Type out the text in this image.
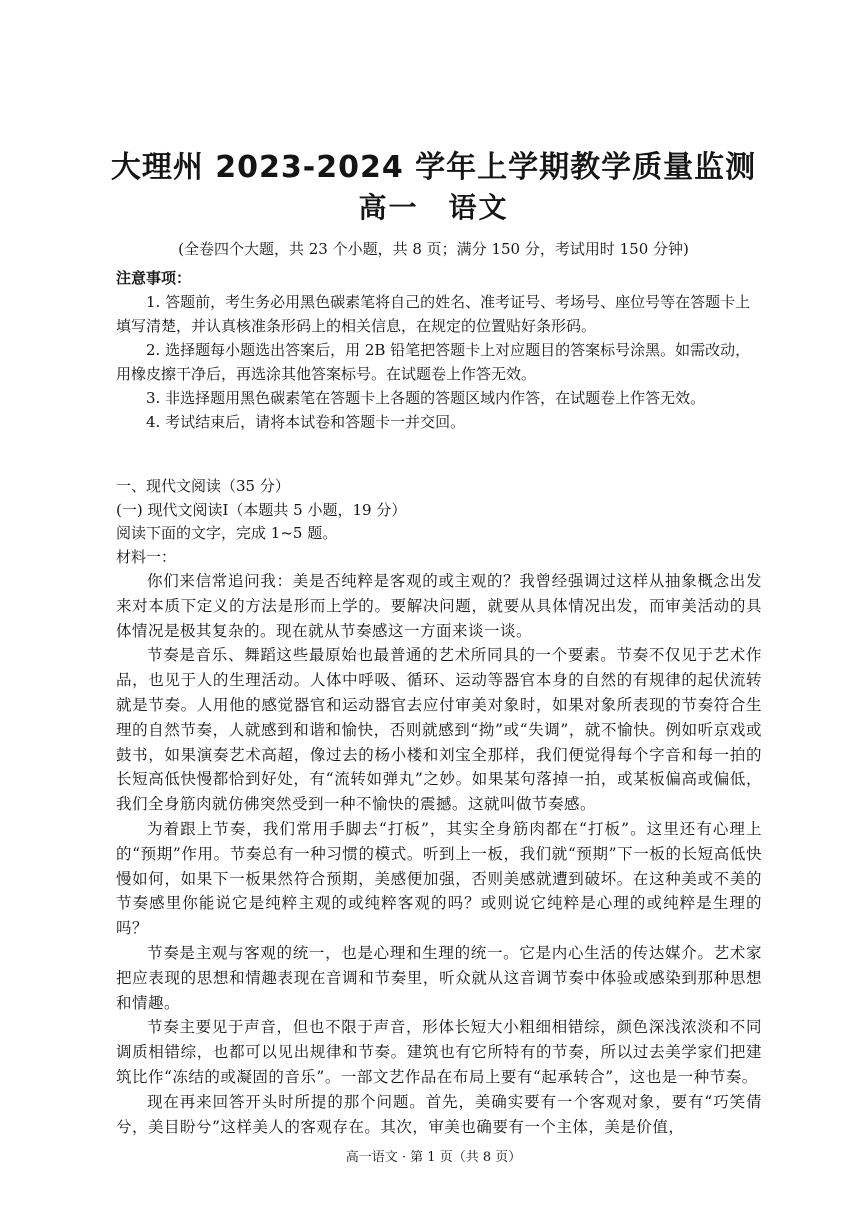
大理州 2023-2024 学年上学期教学质量监测
高一　语文
(全卷四个大题，共 23 个小题，共 8 页；满分 150 分，考试用时 150 分钟)

注意事项：

1. 答题前，考生务必用黑色碳素笔将自己的姓名、准考证号、考场号、座位号等在答题卡上填写清楚，并认真核准条形码上的相关信息，在规定的位置贴好条形码。

2. 选择题每小题选出答案后，用 2B 铅笔把答题卡上对应题目的答案标号涂黑。如需改动，用橡皮擦干净后，再选涂其他答案标号。在试题卷上作答无效。

3. 非选择题用黑色碳素笔在答题卡上各题的答题区域内作答，在试题卷上作答无效。

4. 考试结束后，请将本试卷和答题卡一并交回。

一、现代文阅读（35 分）

(一) 现代文阅读Ⅰ（本题共 5 小题，19 分）

阅读下面的文字，完成 1~5 题。

材料一：

你们来信常追问我：美是否纯粹是客观的或主观的？我曾经强调过这样从抽象概念出发来对本质下定义的方法是形而上学的。要解决问题，就要从具体情况出发，而审美活动的具体情况是极其复杂的。现在就从节奏感这一方面来谈一谈。

节奏是音乐、舞蹈这些最原始也最普通的艺术所同具的一个要素。节奏不仅见于艺术作品，也见于人的生理活动。人体中呼吸、循环、运动等器官本身的自然的有规律的起伏流转就是节奏。人用他的感觉器官和运动器官去应付审美对象时，如果对象所表现的节奏符合生理的自然节奏，人就感到和谐和愉快，否则就感到“拗”或“失调”，就不愉快。例如听京戏或鼓书，如果演奏艺术高超，像过去的杨小楼和刘宝全那样，我们便觉得每个字音和每一拍的长短高低快慢都恰到好处，有“流转如弹丸”之妙。如果某句落掉一拍，或某板偏高或偏低，我们全身筋肉就仿佛突然受到一种不愉快的震撼。这就叫做节奏感。

为着跟上节奏，我们常用手脚去“打板”，其实全身筋肉都在“打板”。这里还有心理上的“预期”作用。节奏总有一种习惯的模式。听到上一板，我们就“预期”下一板的长短高低快慢如何，如果下一板果然符合预期，美感便加强，否则美感就遭到破坏。在这种美或不美的节奏感里你能说它是纯粹主观的或纯粹客观的吗？或则说它纯粹是心理的或纯粹是生理的吗？

节奏是主观与客观的统一，也是心理和生理的统一。它是内心生活的传达媒介。艺术家把应表现的思想和情趣表现在音调和节奏里，听众就从这音调节奏中体验或感染到那种思想和情趣。

节奏主要见于声音，但也不限于声音，形体长短大小粗细相错综，颜色深浅浓淡和不同调质相错综，也都可以见出规律和节奏。建筑也有它所特有的节奏，所以过去美学家们把建筑比作“冻结的或凝固的音乐”。一部文艺作品在布局上要有“起承转合”，这也是一种节奏。

现在再来回答开头时所提的那个问题。首先，美确实要有一个客观对象，要有“巧笑倩兮，美目盼兮”这样美人的客观存在。其次，审美也确要有一个主体，美是价值，

高一语文 · 第 1 页（共 8 页）
